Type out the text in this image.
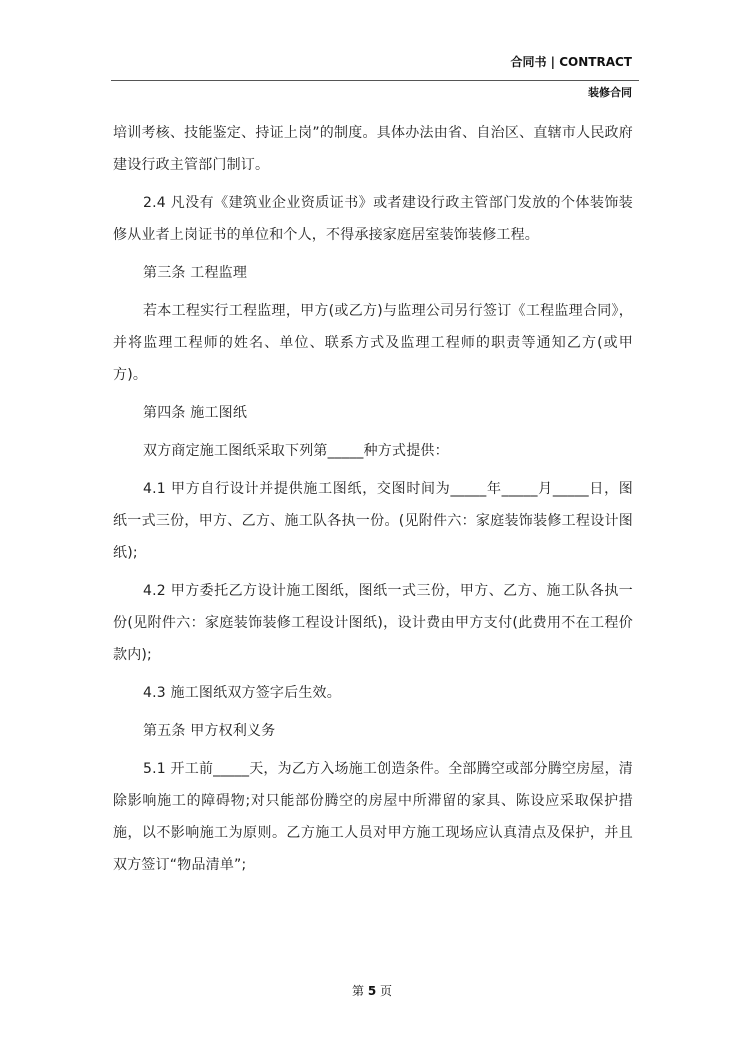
合同书 | CONTRACT
装修合同

培训考核、技能鉴定、持证上岗”的制度。具体办法由省、自治区、直辖市人民政府建设行政主管部门制订。

2.4 凡没有《建筑业企业资质证书》或者建设行政主管部门发放的个体装饰装修从业者上岗证书的单位和个人，不得承接家庭居室装饰装修工程。

第三条 工程监理

若本工程实行工程监理，甲方(或乙方)与监理公司另行签订《工程监理合同》，并将监理工程师的姓名、单位、联系方式及监理工程师的职责等通知乙方(或甲方)。

第四条 施工图纸

双方商定施工图纸采取下列第_____种方式提供：

4.1 甲方自行设计并提供施工图纸，交图时间为_____年_____月_____日，图纸一式三份，甲方、乙方、施工队各执一份。(见附件六：家庭装饰装修工程设计图纸);

4.2 甲方委托乙方设计施工图纸，图纸一式三份，甲方、乙方、施工队各执一份(见附件六：家庭装饰装修工程设计图纸)，设计费由甲方支付(此费用不在工程价款内);

4.3 施工图纸双方签字后生效。

第五条 甲方权利义务

5.1 开工前_____天，为乙方入场施工创造条件。全部腾空或部分腾空房屋，清除影响施工的障碍物;对只能部份腾空的房屋中所滞留的家具、陈设应采取保护措施，以不影响施工为原则。乙方施工人员对甲方施工现场应认真清点及保护，并且双方签订“物品清单”;

第 5 页
